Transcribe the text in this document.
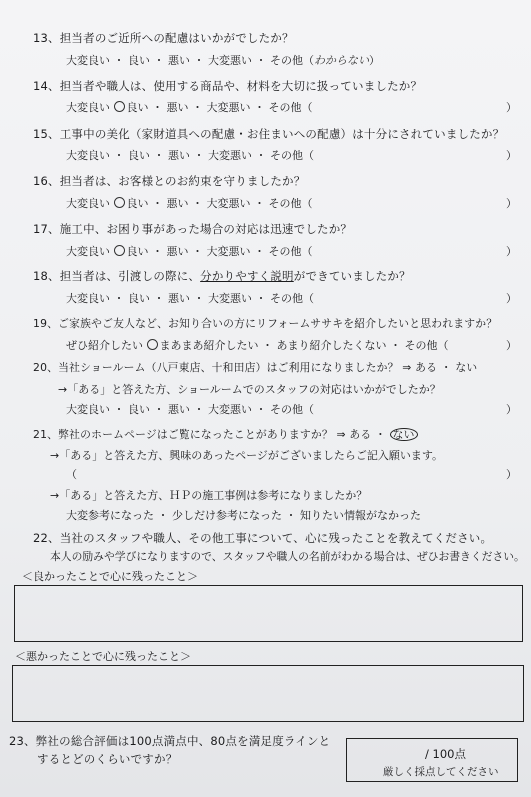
13、担当者のご近所への配慮はいかがでしたか？
大変良い ・ 良い ・ 悪い ・ 大変悪い ・ その他（わからない）
14、担当者や職人は、使用する商品や、材料を大切に扱っていましたか？
大変良い 良い ・ 悪い ・ 大変悪い ・ その他（	）
15、工事中の美化（家財道具への配慮・お住まいへの配慮）は十分にされていましたか？
大変良い ・ 良い ・ 悪い ・ 大変悪い ・ その他（	）
16、担当者は、お客様とのお約束を守りましたか？
大変良い 良い ・ 悪い ・ 大変悪い ・ その他（	）
17、施工中、お困り事があった場合の対応は迅速でしたか？
大変良い 良い ・ 悪い ・ 大変悪い ・ その他（	）
18、担当者は、引渡しの際に、分かりやすく説明ができていましたか？
大変良い ・ 良い ・ 悪い ・ 大変悪い ・ その他（	）
19、ご家族やご友人など、お知り合いの方にリフォームササキを紹介したいと思われますか？
ぜひ紹介したい まあまあ紹介したい ・ あまり紹介したくない ・ その他（	）
20、当社ショールーム（八戸東店、十和田店）はご利用になりましたか？ ⇒ ある ・ ない
→「ある」と答えた方、ショールームでのスタッフの対応はいかがでしたか？
大変良い ・ 良い ・ 悪い ・ 大変悪い ・ その他（	）
21、弊社のホームページはご覧になったことがありますか？ ⇒ ある ・ ない
→「ある」と答えた方、興味のあったページがございましたらご記入願います。
（	）
→「ある」と答えた方、ＨＰの施工事例は参考になりましたか？
大変参考になった ・ 少しだけ参考になった ・ 知りたい情報がなかった
22、当社のスタッフや職人、その他工事について、心に残ったことを教えてください。
本人の励みや学びになりますので、スタッフや職人の名前がわかる場合は、ぜひお書きください。
＜良かったことで心に残ったこと＞
＜悪かったことで心に残ったこと＞
23、弊社の総合評価は100点満点中、80点を満足度ラインと
するとどのくらいですか？	/ 100点
厳しく採点してください
